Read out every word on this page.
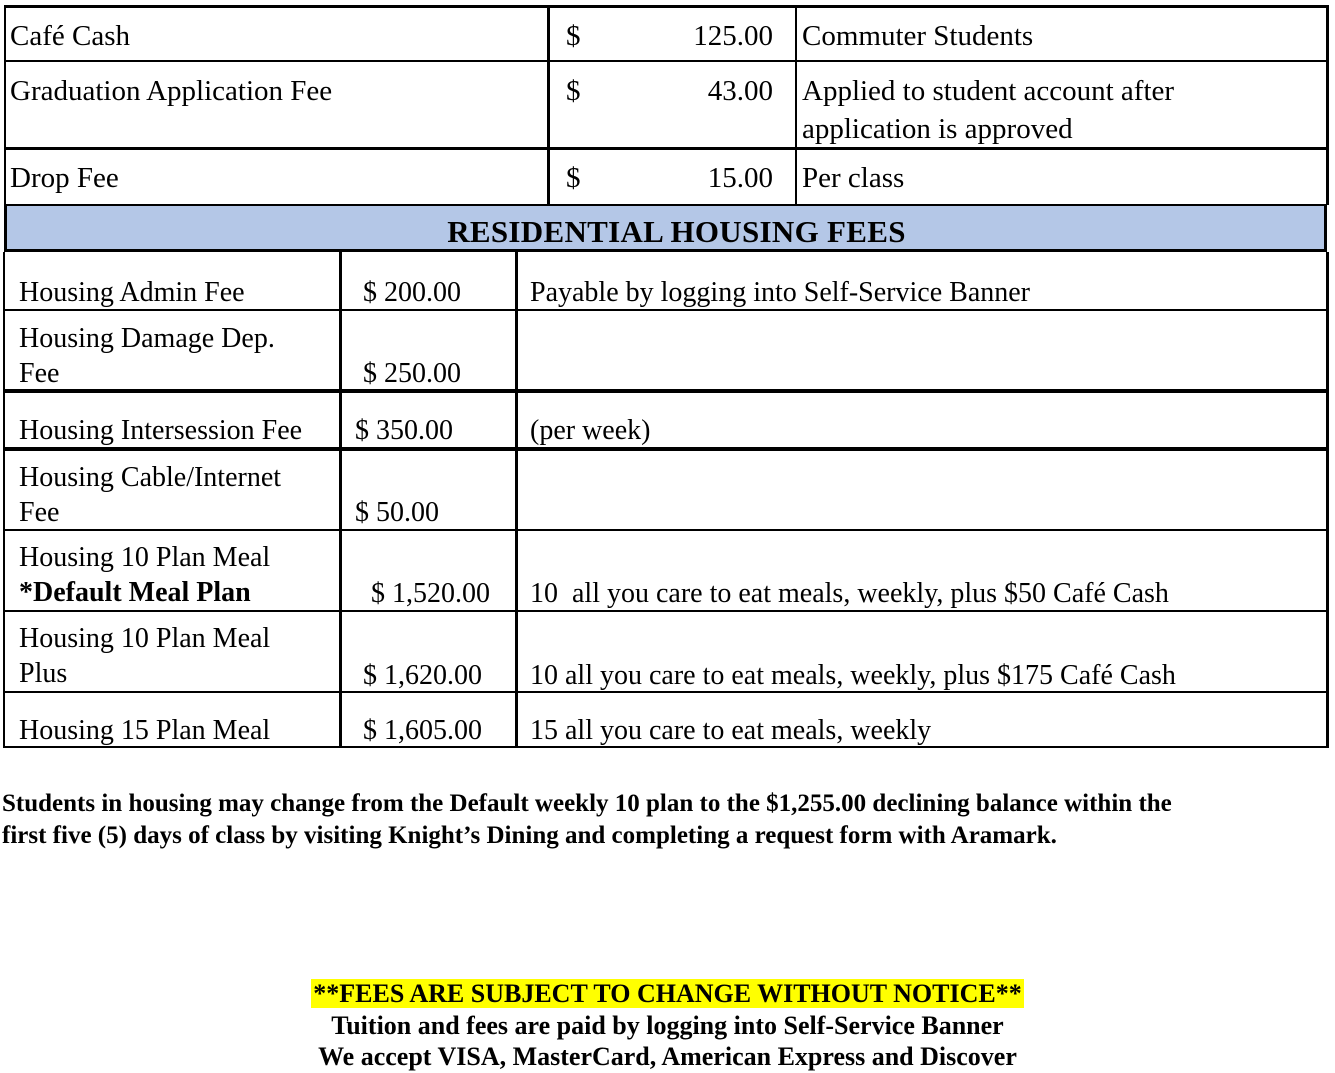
Café Cash	$	125.00 Commuter Students
Graduation Application Fee	$	43.00 Applied to student account after
application is approved
Drop Fee	$	15.00 Per class
RESIDENTIAL HOUSING FEES
Housing Admin Fee	$ 200.00 Payable by logging into Self-Service Banner
Housing Damage Dep.
Fee	$ 250.00
Housing Intersession Fee $ 350.00	(per week)
Housing Cable/Internet
Fee	$ 50.00
Housing 10 Plan Meal
*Default Meal Plan	$ 1,520.00 10  all you care to eat meals, weekly, plus $50 Café Cash
Housing 10 Plan Meal
Plus	$ 1,620.00 10 all you care to eat meals, weekly, plus $175 Café Cash
Housing 15 Plan Meal	$ 1,605.00 15 all you care to eat meals, weekly
Students in housing may change from the Default weekly 10 plan to the $1,255.00 declining balance within the
first five (5) days of class by visiting Knight’s Dining and completing a request form with Aramark.
**FEES ARE SUBJECT TO CHANGE WITHOUT NOTICE**
Tuition and fees are paid by logging into Self-Service Banner
We accept VISA, MasterCard, American Express and Discover
